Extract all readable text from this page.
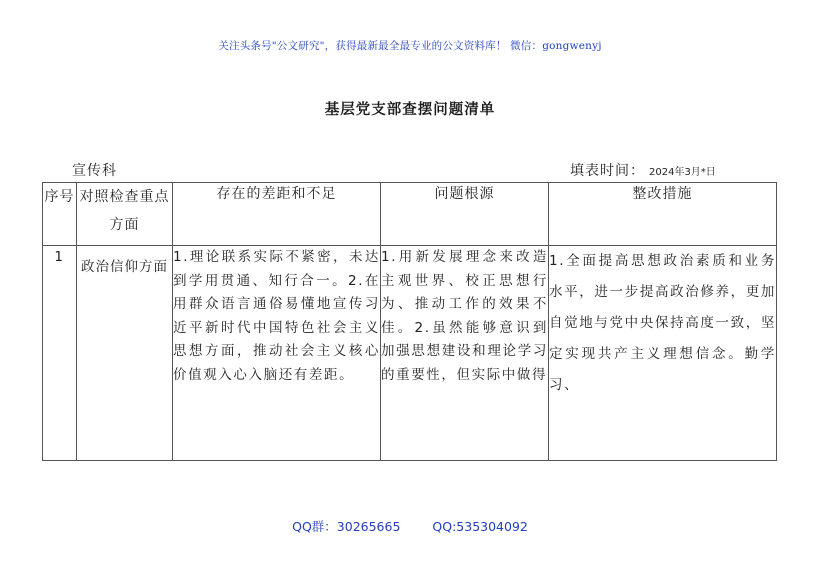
关注头条号"公文研究"，获得最新最全最专业的公文资料库！ 微信：gongwenyj
基层党支部查摆问题清单
宣传科	填表时间： 2024年3月*日
序号	对照检查重点方面	存在的差距和不足	问题根源	整改措施

1	政治信仰方面	1.理论联系实际不紧密，未达到学用贯通、知行合一。2.在用群众语言通俗易懂地宣传习近平新时代中国特色社会主义思想方面，推动社会主义核心价值观入心入脑还有差距。	1.用新发展理念来改造主观世界、校正思想行为、推动工作的效果不佳。2.虽然能够意识到加强思想建设和理论学习的重要性，但实际中做得	1.全面提高思想政治素质和业务水平，进一步提高政治修养，更加自觉地与党中央保持高度一致，坚定实现共产主义理想信念。勤学习、
QQ群：30265665	QQ:535304092
